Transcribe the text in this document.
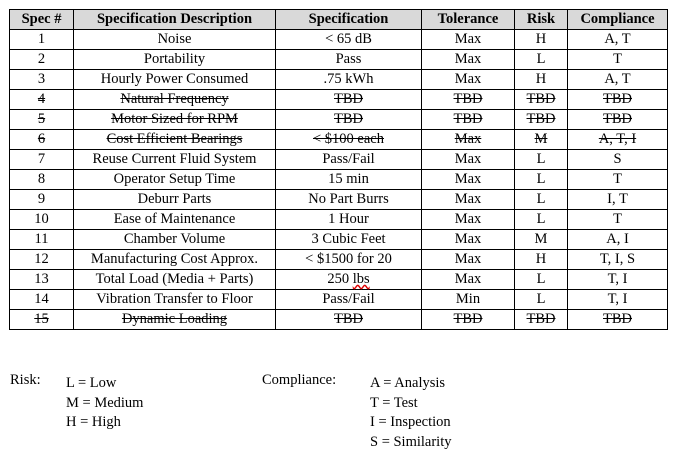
Spec #	Specification Description	Specification	Tolerance	Risk	Compliance
1	Noise	< 65 dB	Max	H	A, T
2	Portability	Pass	Max	L	T
3	Hourly Power Consumed	.75 kWh	Max	H	A, T
4	Natural Frequency	TBD	TBD	TBD	TBD
5	Motor Sized for RPM	TBD	TBD	TBD	TBD
6	Cost Efficient Bearings	< $100 each	Max	M	A, T, I
7	Reuse Current Fluid System	Pass/Fail	Max	L	S
8	Operator Setup Time	15 min	Max	L	T
9	Deburr Parts	No Part Burrs	Max	L	I, T
10	Ease of Maintenance	1 Hour	Max	L	T
11	Chamber Volume	3 Cubic Feet	Max	M	A, I
12	Manufacturing Cost Approx.	< $1500 for 20	Max	H	T, I, S
13	Total Load (Media + Parts)	250 lbs	Max	L	T, I
14	Vibration Transfer to Floor	Pass/Fail	Min	L	T, I
15	Dynamic Loading	TBD	TBD	TBD	TBD
Risk: L = Low
M = Medium
H = High
Compliance: A = Analysis
T = Test
I = Inspection
S = Similarity
